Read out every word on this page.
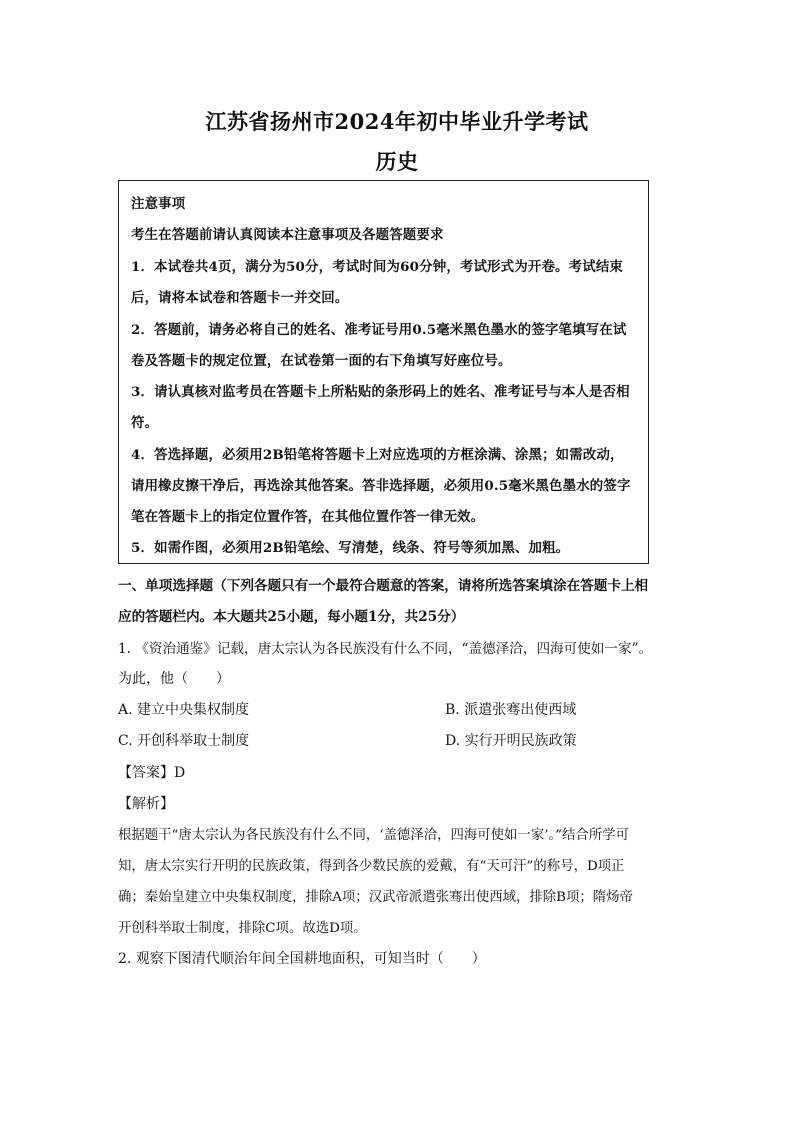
江苏省扬州市2024年初中毕业升学考试
历史
注意事项
考生在答题前请认真阅读本注意事项及各题答题要求
1．本试卷共4页，满分为50分，考试时间为60分钟，考试形式为开卷。考试结束
后，请将本试卷和答题卡一并交回。
2．答题前，请务必将自己的姓名、准考证号用0.5毫米黑色墨水的签字笔填写在试
卷及答题卡的规定位置，在试卷第一面的右下角填写好座位号。
3．请认真核对监考员在答题卡上所粘贴的条形码上的姓名、准考证号与本人是否相
符。
4．答选择题，必须用2B铅笔将答题卡上对应选项的方框涂满、涂黑；如需改动，
请用橡皮擦干净后，再选涂其他答案。答非选择题，必须用0.5毫米黑色墨水的签字
笔在答题卡上的指定位置作答，在其他位置作答一律无效。
5．如需作图，必须用2B铅笔绘、写清楚，线条、符号等须加黑、加粗。
一、单项选择题（下列各题只有一个最符合题意的答案，请将所选答案填涂在答题卡上相
应的答题栏内。本大题共25小题，每小题1分，共25分）
1. 《资治通鉴》记载，唐太宗认为各民族没有什么不同，“盖德泽洽，四海可使如一家”。
为此，他（　　）
A. 建立中央集权制度	B. 派遣张骞出使西域
C. 开创科举取士制度	D. 实行开明民族政策
【答案】D
【解析】
根据题干“唐太宗认为各民族没有什么不同，‘盖德泽洽，四海可使如一家’。”结合所学可
知，唐太宗实行开明的民族政策，得到各少数民族的爱戴，有“天可汗”的称号，D项正
确；秦始皇建立中央集权制度，排除A项；汉武帝派遣张骞出使西域，排除B项；隋炀帝
开创科举取士制度，排除C项。故选D项。
2. 观察下图清代顺治年间全国耕地面积，可知当时（　　）
